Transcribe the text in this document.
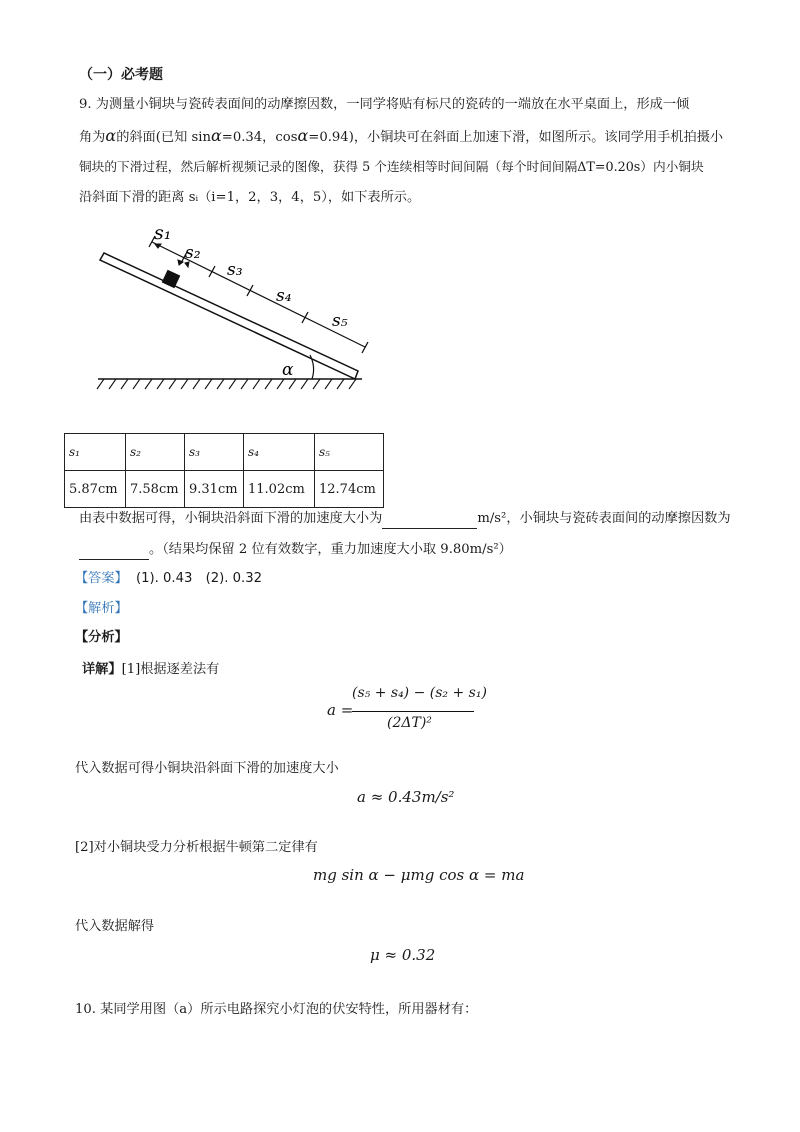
（一）必考题
9. 为测量小铜块与瓷砖表面间的动摩擦因数，一同学将贴有标尺的瓷砖的一端放在水平桌面上，形成一倾
角为α的斜面(已知 sinα=0.34，cosα=0.94)，小铜块可在斜面上加速下滑，如图所示。该同学用手机拍摄小
铜块的下滑过程，然后解析视频记录的图像，获得 5 个连续相等时间间隔（每个时间间隔ΔT=0.20s）内小铜块
沿斜面下滑的距离 sᵢ（i=1，2，3，4，5），如下表所示。
α
s₁
s₂
s₃
s₄
s₅
s₁	s₂	s₃	s₄	s₅
5.87cm	7.58cm	9.31cm	11.02cm	12.74cm
由表中数据可得，小铜块沿斜面下滑的加速度大小为	m/s²，小铜块与瓷砖表面间的动摩擦因数为
。（结果均保留 2 位有效数字，重力加速度大小取 9.80m/s²）
【答案】 (1). 0.43　(2). 0.32
【解析】
【分析】
详解】[1]根据逐差法有
a =
(s₅ + s₄) − (s₂ + s₁)
(2ΔT)²
代入数据可得小铜块沿斜面下滑的加速度大小
a ≈ 0.43m/s²
[2]对小铜块受力分析根据牛顿第二定律有
mg sin α − μmg cos α = ma
代入数据解得
μ ≈ 0.32
10. 某同学用图（a）所示电路探究小灯泡的伏安特性，所用器材有：
